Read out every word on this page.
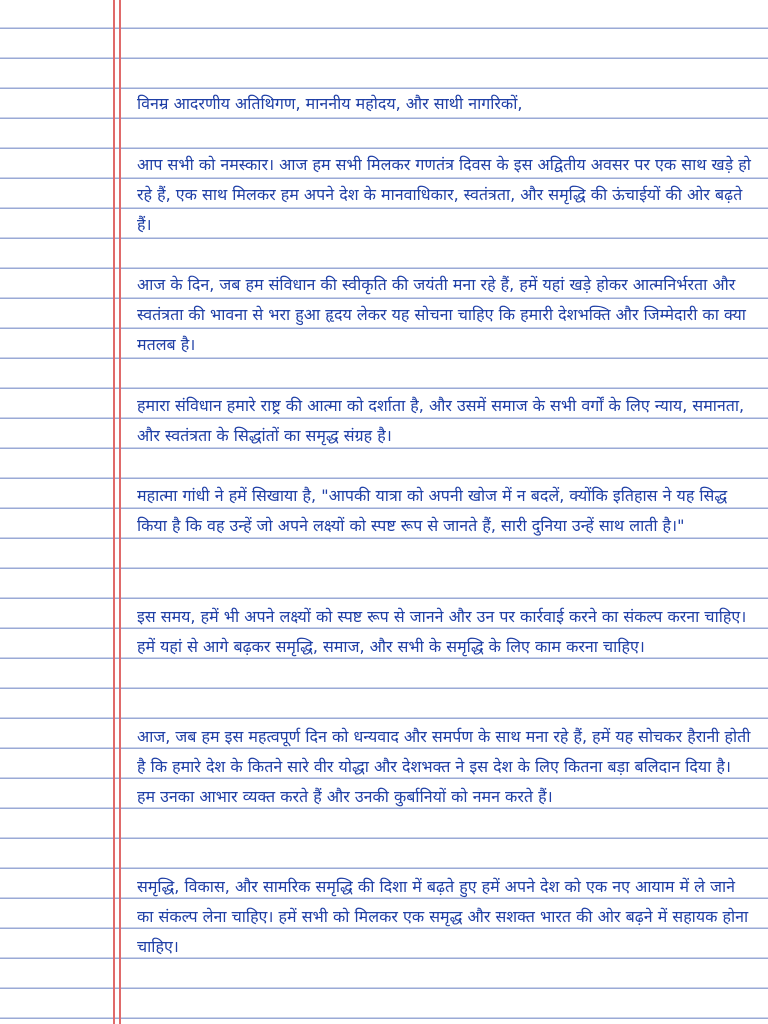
विनम्र आदरणीय अतिथिगण, माननीय महोदय, और साथी नागरिकों,

आप सभी को नमस्कार। आज हम सभी मिलकर गणतंत्र दिवस के इस अद्वितीय अवसर पर एक साथ खड़े हो रहे हैं, एक साथ मिलकर हम अपने देश के मानवाधिकार, स्वतंत्रता, और समृद्धि की ऊंचाईयों की ओर बढ़ते हैं।

आज के दिन, जब हम संविधान की स्वीकृति की जयंती मना रहे हैं, हमें यहां खड़े होकर आत्मनिर्भरता और स्वतंत्रता की भावना से भरा हुआ हृदय लेकर यह सोचना चाहिए कि हमारी देशभक्ति और जिम्मेदारी का क्या मतलब है।

हमारा संविधान हमारे राष्ट्र की आत्मा को दर्शाता है, और उसमें समाज के सभी वर्गों के लिए न्याय, समानता, और स्वतंत्रता के सिद्धांतों का समृद्ध संग्रह है।

महात्मा गांधी ने हमें सिखाया है, "आपकी यात्रा को अपनी खोज में न बदलें, क्योंकि इतिहास ने यह सिद्ध किया है कि वह उन्हें जो अपने लक्ष्यों को स्पष्ट रूप से जानते हैं, सारी दुनिया उन्हें साथ लाती है।"

इस समय, हमें भी अपने लक्ष्यों को स्पष्ट रूप से जानने और उन पर कार्रवाई करने का संकल्प करना चाहिए। हमें यहां से आगे बढ़कर समृद्धि, समाज, और सभी के समृद्धि के लिए काम करना चाहिए।

आज, जब हम इस महत्वपूर्ण दिन को धन्यवाद और समर्पण के साथ मना रहे हैं, हमें यह सोचकर हैरानी होती है कि हमारे देश के कितने सारे वीर योद्धा और देशभक्त ने इस देश के लिए कितना बड़ा बलिदान दिया है। हम उनका आभार व्यक्त करते हैं और उनकी कुर्बानियों को नमन करते हैं।

समृद्धि, विकास, और सामरिक समृद्धि की दिशा में बढ़ते हुए हमें अपने देश को एक नए आयाम में ले जाने का संकल्प लेना चाहिए। हमें सभी को मिलकर एक समृद्ध और सशक्त भारत की ओर बढ़ने में सहायक होना चाहिए।
